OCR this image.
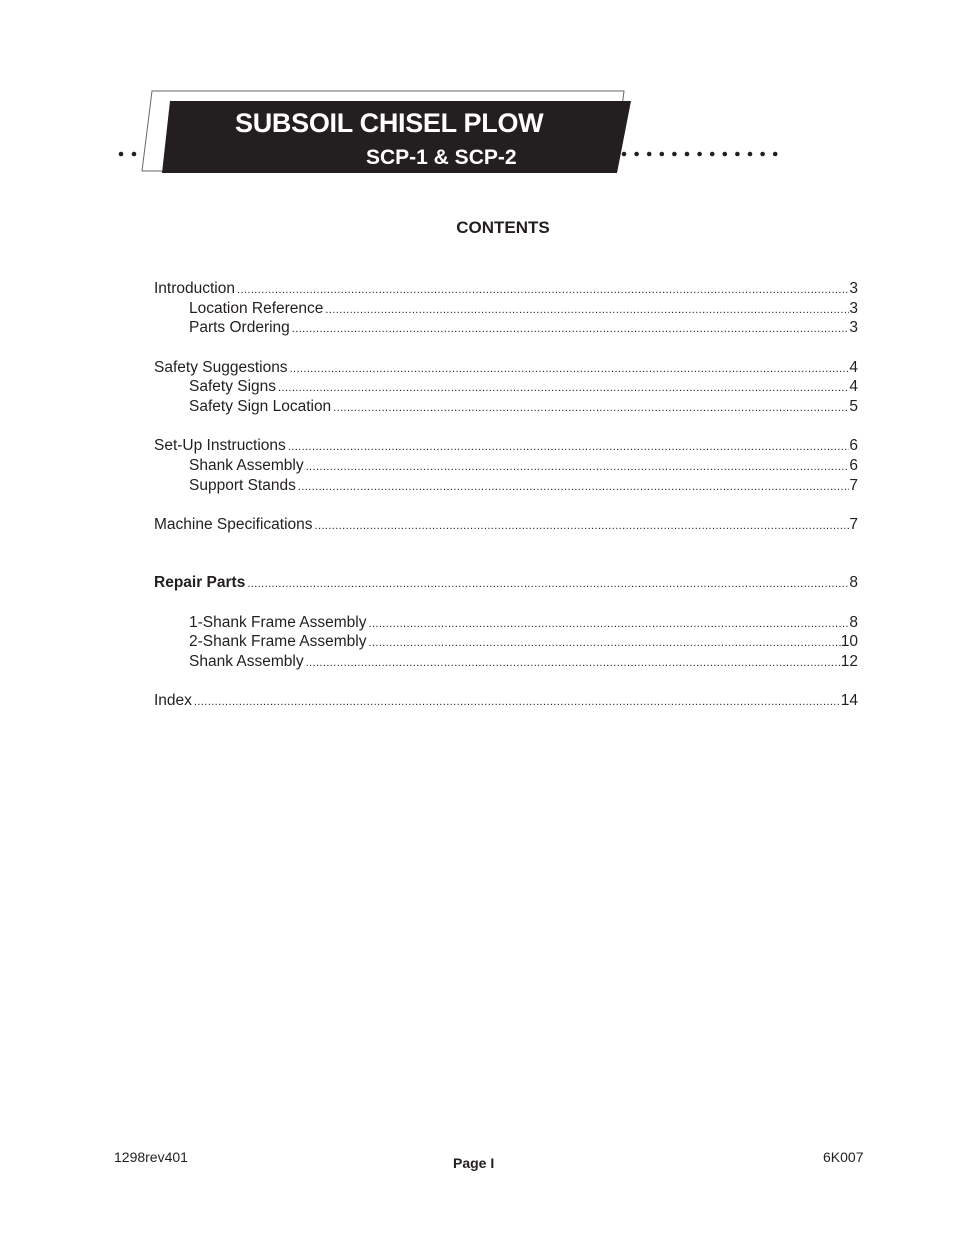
SUBSOIL CHISEL PLOW
SCP-1 & SCP-2
CONTENTS
Introduction .....	3
Location Reference .....	3
Parts Ordering .....	3
Safety Suggestions .....	4
Safety Signs .....	4
Safety Sign Location .....	5
Set-Up Instructions .....	6
Shank Assembly .....	6
Support Stands .....	7
Machine Specifications .....	7
Repair Parts .....	8
1-Shank Frame Assembly .....	8
2-Shank Frame Assembly .....	10
Shank Assembly .....	12
Index .....	14
1298rev401	Page I	6K007
